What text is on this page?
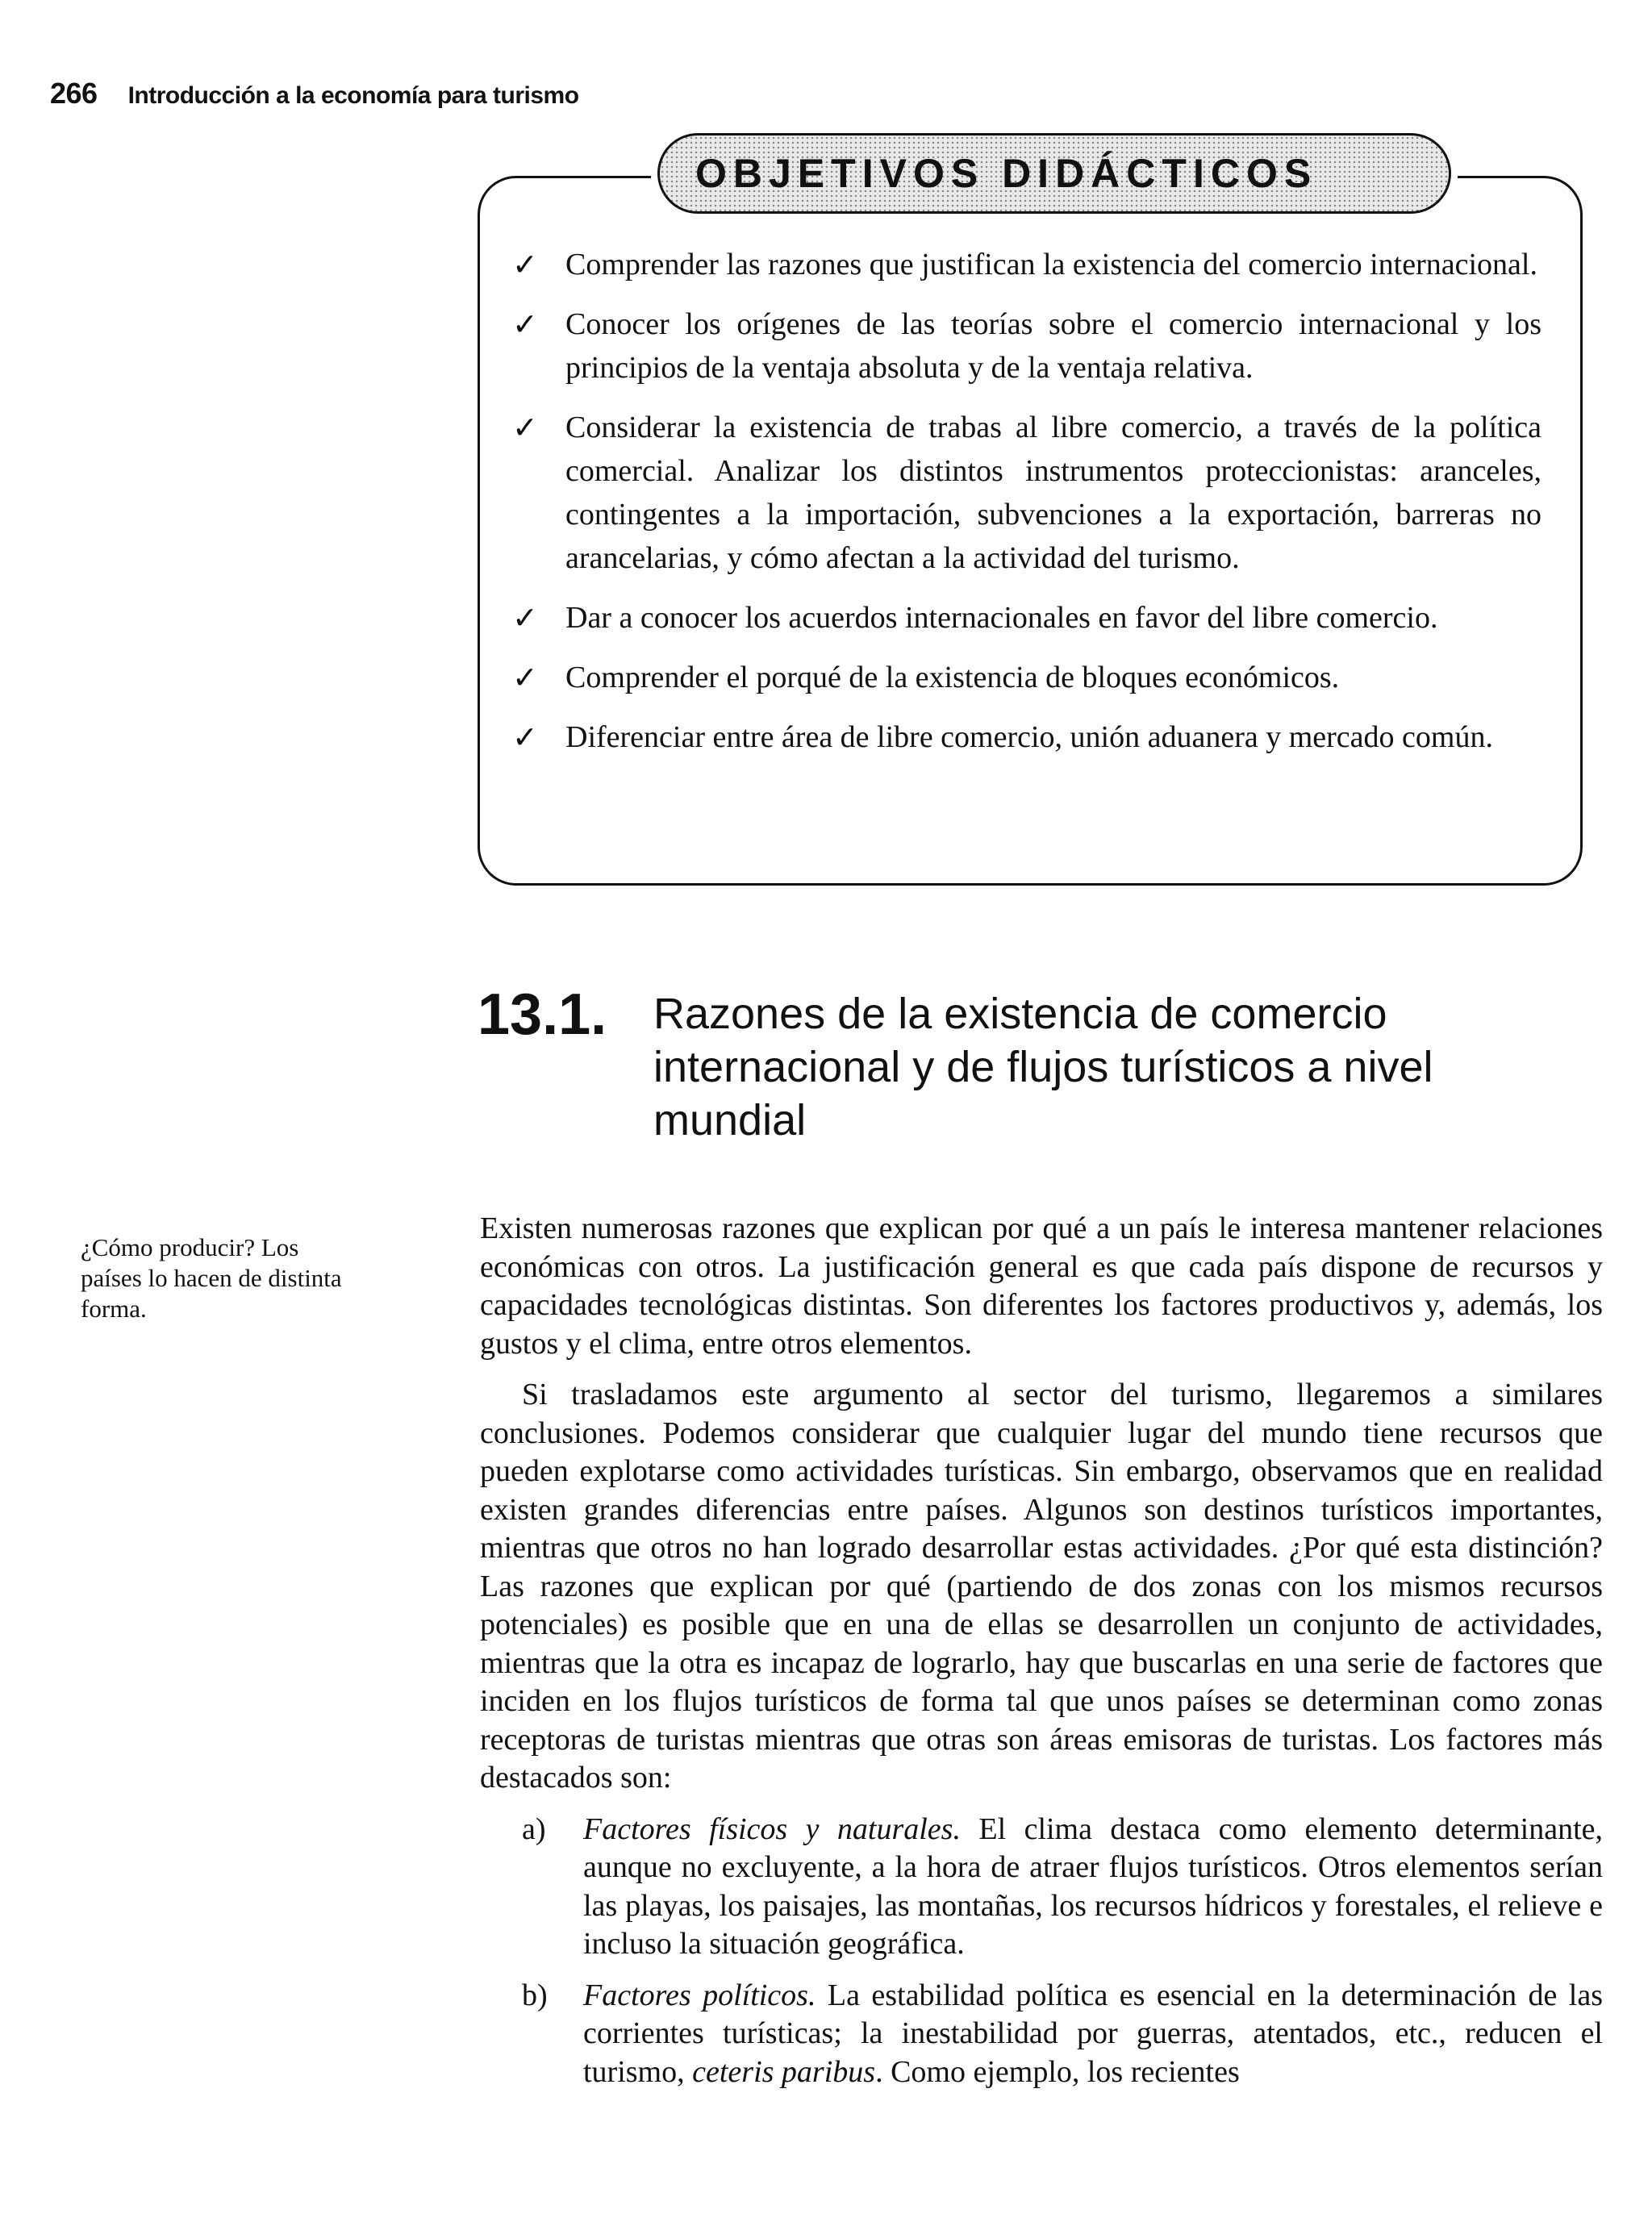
266 Introducción a la economía para turismo
OBJETIVOS DIDÁCTICOS
✓ Comprender las razones que justifican la existencia del comercio internacional.
✓ Conocer los orígenes de las teorías sobre el comercio internacional y los principios de la ventaja absoluta y de la ventaja relativa.
✓ Considerar la existencia de trabas al libre comercio, a través de la política comercial. Analizar los distintos instrumentos proteccionistas: aranceles, contingentes a la importación, subvenciones a la exportación, barreras no arancelarias, y cómo afectan a la actividad del turismo.
✓ Dar a conocer los acuerdos internacionales en favor del libre comercio.
✓ Comprender el porqué de la existencia de bloques económicos.
✓ Diferenciar entre área de libre comercio, unión aduanera y mercado común.
13.1. Razones de la existencia de comercio internacional y de flujos turísticos a nivel mundial
¿Cómo producir? Los países lo hacen de distinta forma.

Existen numerosas razones que explican por qué a un país le interesa mantener relaciones económicas con otros. La justificación general es que cada país dispone de recursos y capacidades tecnológicas distintas. Son diferentes los factores productivos y, además, los gustos y el clima, entre otros elementos.

Si trasladamos este argumento al sector del turismo, llegaremos a similares conclusiones. Podemos considerar que cualquier lugar del mundo tiene recursos que pueden explotarse como actividades turísticas. Sin embargo, observamos que en realidad existen grandes diferencias entre países. Algunos son destinos turísticos importantes, mientras que otros no han logrado desarrollar estas actividades. ¿Por qué esta distinción? Las razones que explican por qué (partiendo de dos zonas con los mismos recursos potenciales) es posible que en una de ellas se desarrollen un conjunto de actividades, mientras que la otra es incapaz de lograrlo, hay que buscarlas en una serie de factores que inciden en los flujos turísticos de forma tal que unos países se determinan como zonas receptoras de turistas mientras que otras son áreas emisoras de turistas. Los factores más destacados son:

a)	Factores físicos y naturales. El clima destaca como elemento determinante, aunque no excluyente, a la hora de atraer flujos turísticos. Otros elementos serían las playas, los paisajes, las montañas, los recursos hídricos y forestales, el relieve e incluso la situación geográfica.
b)	Factores políticos. La estabilidad política es esencial en la determinación de las corrientes turísticas; la inestabilidad por guerras, atentados, etc., reducen el turismo, ceteris paribus. Como ejemplo, los recientes
